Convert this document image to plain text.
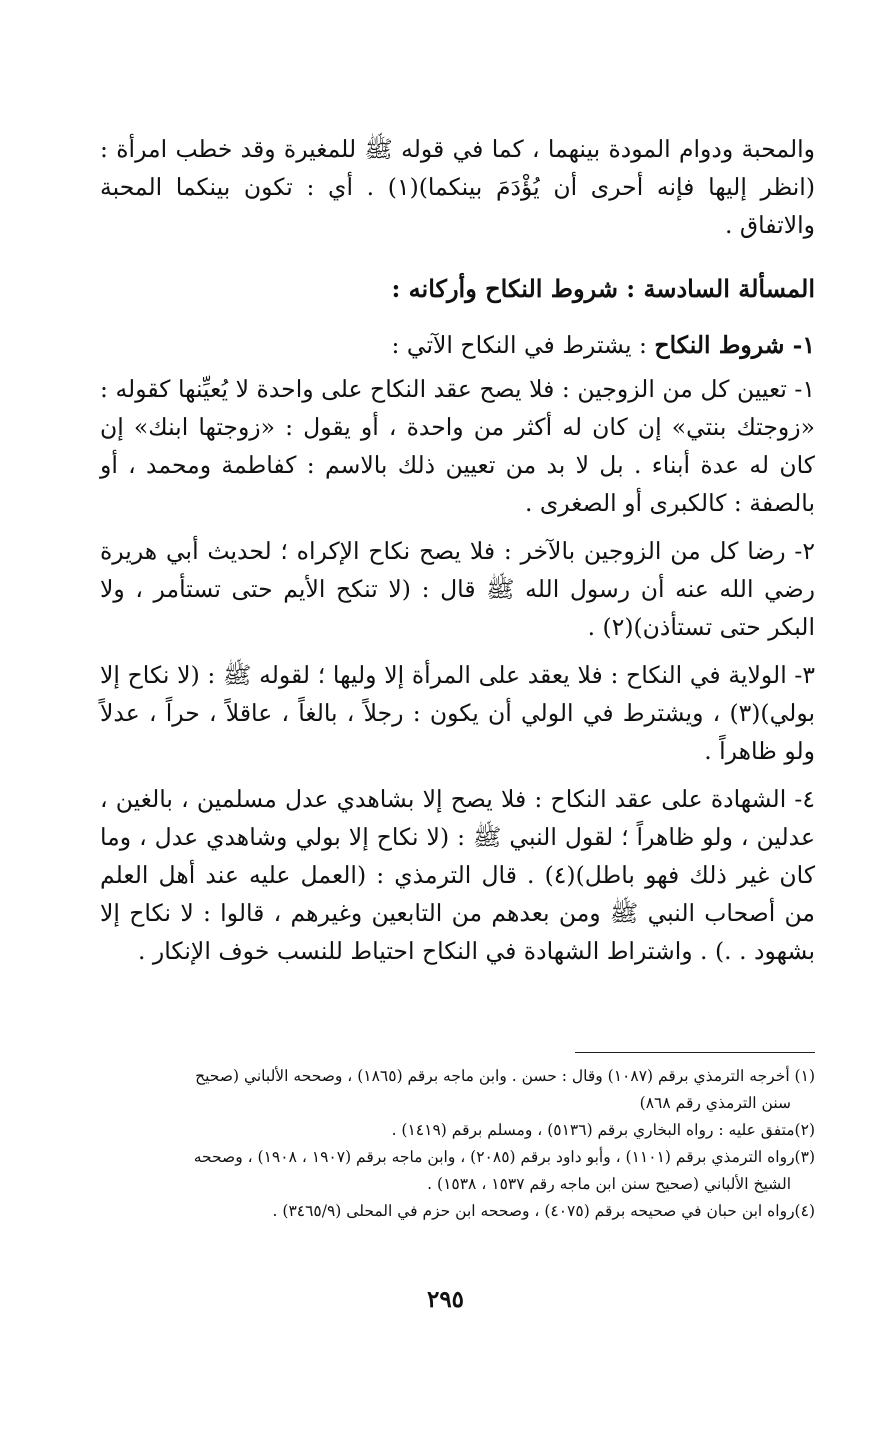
والمحبة ودوام المودة بينهما ، كما في قوله ﷺ للمغيرة وقد خطب امرأة : (انظر إليها فإنه أحرى أن يُؤْدَمَ بينكما)(١) . أي : تكون بينكما المحبة والاتفاق .

المسألة السادسة : شروط النكاح وأركانه :

١- شروط النكاح : يشترط في النكاح الآتي :

١- تعيين كل من الزوجين : فلا يصح عقد النكاح على واحدة لا يُعيِّنها كقوله : «زوجتك بنتي» إن كان له أكثر من واحدة ، أو يقول : «زوجتها ابنك» إن كان له عدة أبناء . بل لا بد من تعيين ذلك بالاسم : كفاطمة ومحمد ، أو بالصفة : كالكبرى أو الصغرى .

٢- رضا كل من الزوجين بالآخر : فلا يصح نكاح الإكراه ؛ لحديث أبي هريرة رضي الله عنه أن رسول الله ﷺ قال : (لا تنكح الأيم حتى تستأمر ، ولا البكر حتى تستأذن)(٢) .

٣- الولاية في النكاح : فلا يعقد على المرأة إلا وليها ؛ لقوله ﷺ : (لا نكاح إلا بولي)(٣) ، ويشترط في الولي أن يكون : رجلاً ، بالغاً ، عاقلاً ، حراً ، عدلاً ولو ظاهراً .

٤- الشهادة على عقد النكاح : فلا يصح إلا بشاهدي عدل مسلمين ، بالغين ، عدلين ، ولو ظاهراً ؛ لقول النبي ﷺ : (لا نكاح إلا بولي وشاهدي عدل ، وما كان غير ذلك فهو باطل)(٤) . قال الترمذي : (العمل عليه عند أهل العلم من أصحاب النبي ﷺ ومن بعدهم من التابعين وغيرهم ، قالوا : لا نكاح إلا بشهود . .) . واشتراط الشهادة في النكاح احتياط للنسب خوف الإنكار .

(١) أخرجه الترمذي برقم (١٠٨٧) وقال : حسن . وابن ماجه برقم (١٨٦٥) ، وصححه الألباني (صحيح
سنن الترمذي رقم ٨٦٨)

(٢)متفق عليه : رواه البخاري برقم (٥١٣٦) ، ومسلم برقم (١٤١٩) .

(٣)رواه الترمذي برقم (١١٠١) ، وأبو داود برقم (٢٠٨٥) ، وابن ماجه برقم (١٩٠٧ ، ١٩٠٨) ، وصححه
الشيخ الألباني (صحيح سنن ابن ماجه رقم ١٥٣٧ ، ١٥٣٨) .

(٤)رواه ابن حبان في صحيحه برقم (٤٠٧٥) ، وصححه ابن حزم في المحلى (٣٤٦٥/٩) .

٢٩٥
